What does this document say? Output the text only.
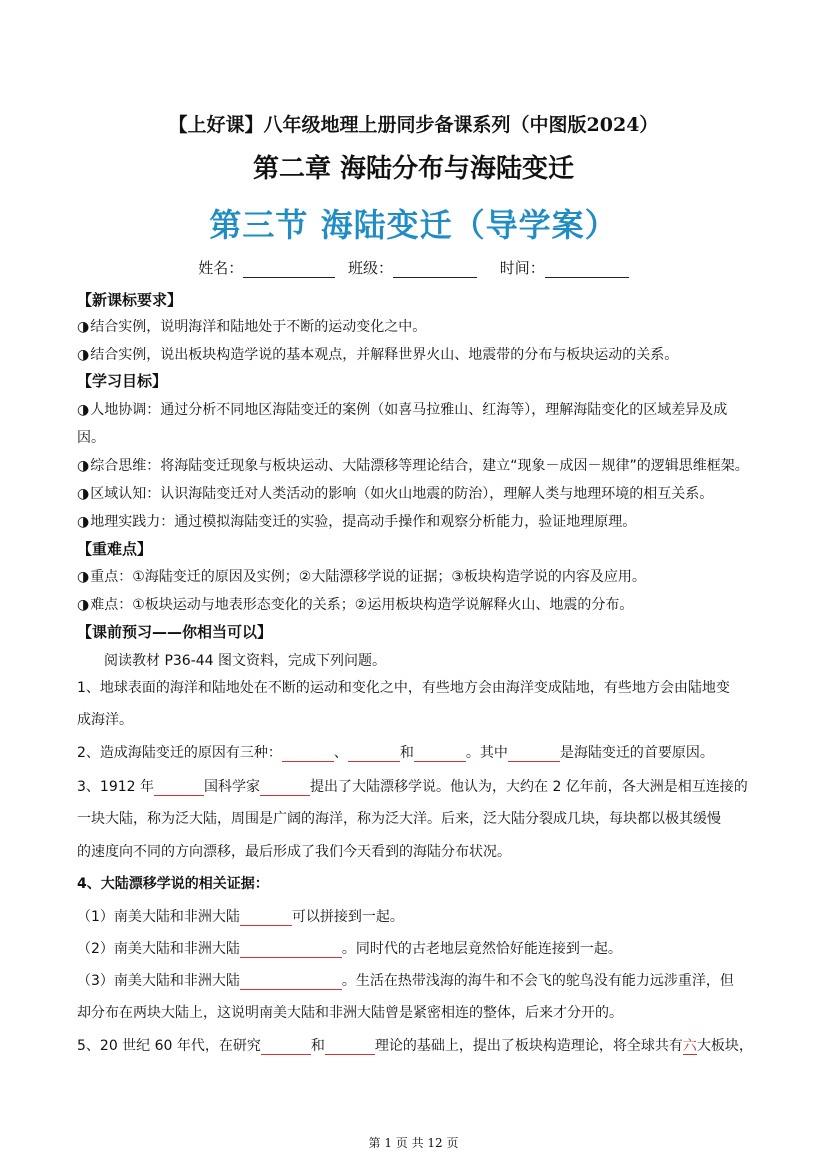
【上好课】八年级地理上册同步备课系列（中图版2024）
第二章 海陆分布与海陆变迁
第三节 海陆变迁（导学案）
姓名：	班级：	时间：
【新课标要求】
◑ 结合实例，说明海洋和陆地处于不断的运动变化之中。
◑ 结合实例，说出板块构造学说的基本观点，并解释世界火山、地震带的分布与板块运动的关系。
【学习目标】
◑ 人地协调：通过分析不同地区海陆变迁的案例（如喜马拉雅山、红海等），理解海陆变化的区域差异及成
因。
◑ 综合思维：将海陆变迁现象与板块运动、大陆漂移等理论结合，建立“现象－成因－规律”的逻辑思维框架。
◑ 区域认知：认识海陆变迁对人类活动的影响（如火山地震的防治），理解人类与地理环境的相互关系。
◑ 地理实践力：通过模拟海陆变迁的实验，提高动手操作和观察分析能力，验证地理原理。
【重难点】
◑ 重点：①海陆变迁的原因及实例；②大陆漂移学说的证据；③板块构造学说的内容及应用。
◑ 难点：①板块运动与地表形态变化的关系；②运用板块构造学说解释火山、地震的分布。
【课前预习——你相当可以】
阅读教材 P36-44 图文资料，完成下列问题。
1、地球表面的海洋和陆地处在不断的运动和变化之中，有些地方会由海洋变成陆地，有些地方会由陆地变
成海洋。
2、造成海陆变迁的原因有三种：	、	和	。其中	是海陆变迁的首要原因。
3、1912 年	国科学家	提出了大陆漂移学说。他认为，大约在 2 亿年前，各大洲是相互连接的
一块大陆，称为泛大陆，周围是广阔的海洋，称为泛大洋。后来，泛大陆分裂成几块，每块都以极其缓慢
的速度向不同的方向漂移，最后形成了我们今天看到的海陆分布状况。
4、大陆漂移学说的相关证据：
（1）南美大陆和非洲大陆	可以拼接到一起。
（2）南美大陆和非洲大陆	。同时代的古老地层竟然恰好能连接到一起。
（3）南美大陆和非洲大陆	。生活在热带浅海的海牛和不会飞的鸵鸟没有能力远涉重洋，但
却分布在两块大陆上，这说明南美大陆和非洲大陆曾是紧密相连的整体，后来才分开的。
5、20 世纪 60 年代，在研究	和	理论的基础上，提出了板块构造理论，将全球共有六大板块，
第 1 页 共 12 页
